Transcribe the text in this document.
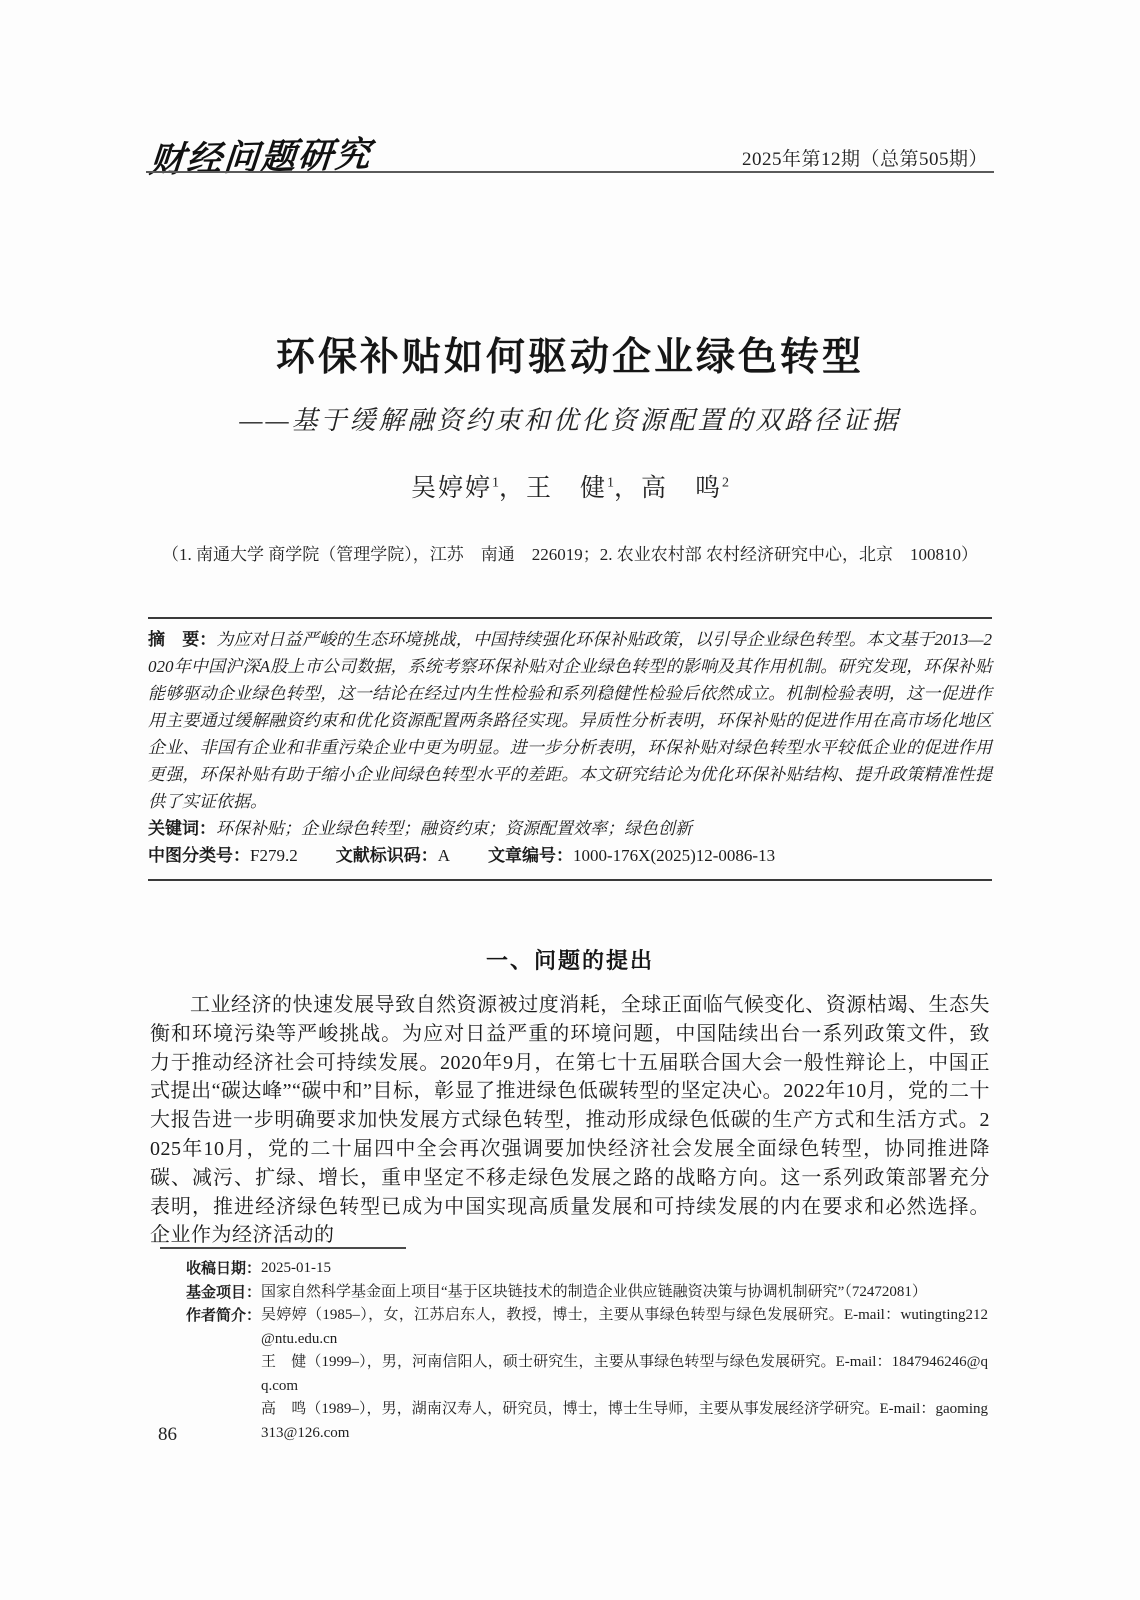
财经问题研究	2025年第12期（总第505期）
环保补贴如何驱动企业绿色转型
——基于缓解融资约束和优化资源配置的双路径证据
吴婷婷$^1$，王　健$^1$，高　鸣$^2$
（1. 南通大学 商学院（管理学院），江苏　南通　226019；2. 农业农村部 农村经济研究中心，北京　100810）

摘　要：为应对日益严峻的生态环境挑战，中国持续强化环保补贴政策，以引导企业绿色转型。本文基于2013—2020年中国沪深A股上市公司数据，系统考察环保补贴对企业绿色转型的影响及其作用机制。研究发现，环保补贴能够驱动企业绿色转型，这一结论在经过内生性检验和系列稳健性检验后依然成立。机制检验表明，这一促进作用主要通过缓解融资约束和优化资源配置两条路径实现。异质性分析表明，环保补贴的促进作用在高市场化地区企业、非国有企业和非重污染企业中更为明显。进一步分析表明，环保补贴对绿色转型水平较低企业的促进作用更强，环保补贴有助于缩小企业间绿色转型水平的差距。本文研究结论为优化环保补贴结构、提升政策精准性提供了实证依据。

关键词：环保补贴；企业绿色转型；融资约束；资源配置效率；绿色创新

中图分类号：F279.2 文献标识码：A 文章编号：1000-176X(2025)12-0086-13

一、问题的提出

工业经济的快速发展导致自然资源被过度消耗，全球正面临气候变化、资源枯竭、生态失衡和环境污染等严峻挑战。为应对日益严重的环境问题，中国陆续出台一系列政策文件，致力于推动经济社会可持续发展。2020年9月，在第七十五届联合国大会一般性辩论上，中国正式提出“碳达峰”“碳中和”目标，彰显了推进绿色低碳转型的坚定决心。2022年10月，党的二十大报告进一步明确要求加快发展方式绿色转型，推动形成绿色低碳的生产方式和生活方式。2025年10月，党的二十届四中全会再次强调要加快经济社会发展全面绿色转型，协同推进降碳、减污、扩绿、增长，重申坚定不移走绿色发展之路的战略方向。这一系列政策部署充分表明，推进经济绿色转型已成为中国实现高质量发展和可持续发展的内在要求和必然选择。企业作为经济活动的

收稿日期： 2025-01-15
基金项目： 国家自然科学基金面上项目“基于区块链技术的制造企业供应链融资决策与协调机制研究”（72472081）
作者简介： 吴婷婷（1985–），女，江苏启东人，教授，博士，主要从事绿色转型与绿色发展研究。E-mail：wutingting212@ntu.edu.cn
王　健（1999–），男，河南信阳人，硕士研究生，主要从事绿色转型与绿色发展研究。E-mail：1847946246@qq.com
高　鸣（1989–），男，湖南汉寿人，研究员，博士，博士生导师，主要从事发展经济学研究。E-mail：gaoming313@126.com
86
